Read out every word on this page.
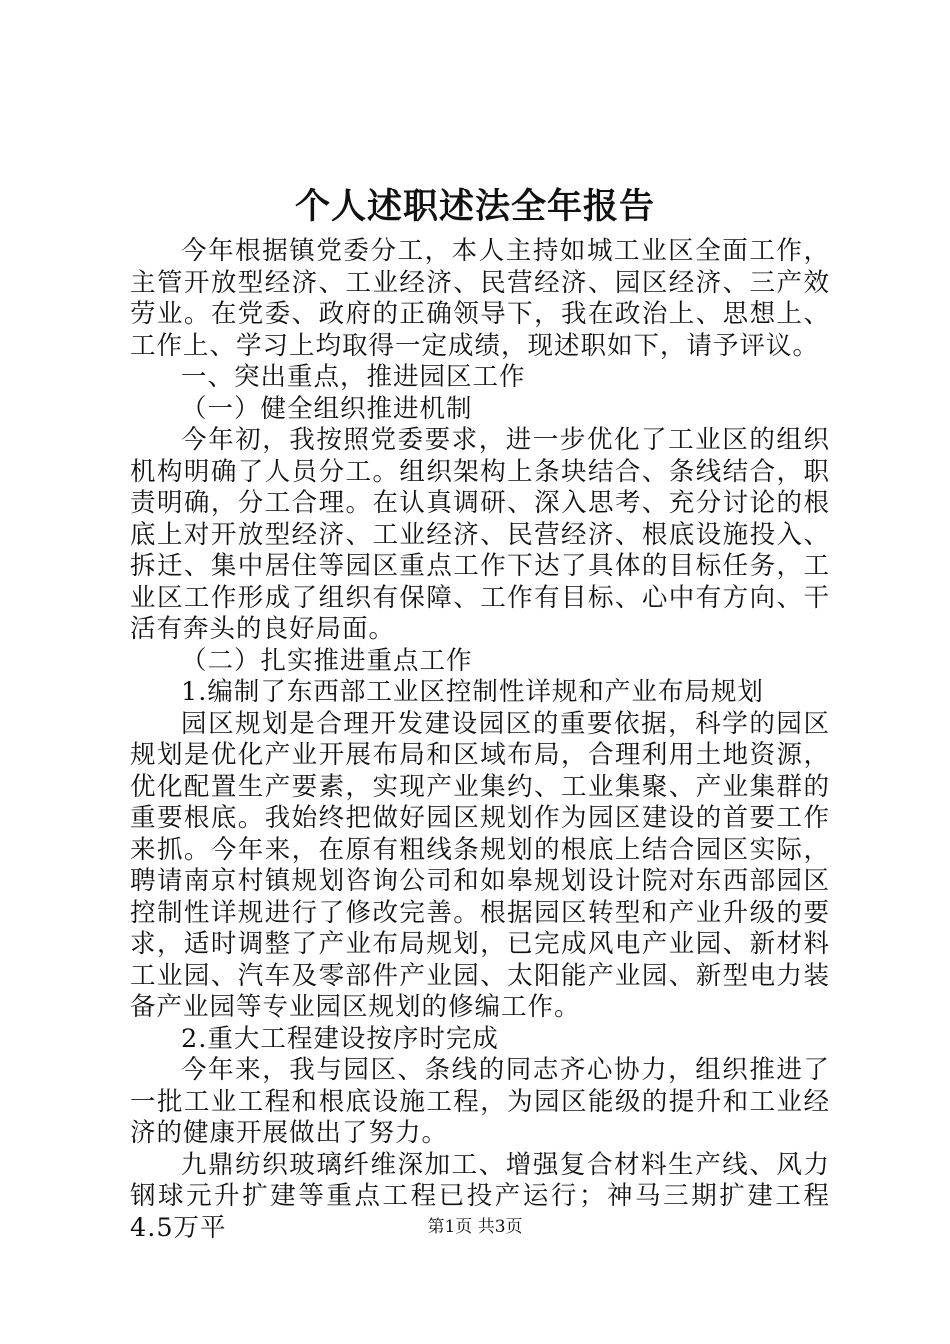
个人述职述法全年报告

今年根据镇党委分工，本人主持如城工业区全面工作，主管开放型经济、工业经济、民营经济、园区经济、三产效劳业。在党委、政府的正确领导下，我在政治上、思想上、工作上、学习上均取得一定成绩，现述职如下，请予评议。

一、突出重点，推进园区工作

（一）健全组织推进机制

今年初，我按照党委要求，进一步优化了工业区的组织机构明确了人员分工。组织架构上条块结合、条线结合，职责明确，分工合理。在认真调研、深入思考、充分讨论的根底上对开放型经济、工业经济、民营经济、根底设施投入、拆迁、集中居住等园区重点工作下达了具体的目标任务，工业区工作形成了组织有保障、工作有目标、心中有方向、干活有奔头的良好局面。

（二）扎实推进重点工作

1.编制了东西部工业区控制性详规和产业布局规划

园区规划是合理开发建设园区的重要依据，科学的园区规划是优化产业开展布局和区域布局，合理利用土地资源，优化配置生产要素，实现产业集约、工业集聚、产业集群的重要根底。我始终把做好园区规划作为园区建设的首要工作来抓。今年来，在原有粗线条规划的根底上结合园区实际，聘请南京村镇规划咨询公司和如皋规划设计院对东西部园区控制性详规进行了修改完善。根据园区转型和产业升级的要求，适时调整了产业布局规划，已完成风电产业园、新材料工业园、汽车及零部件产业园、太阳能产业园、新型电力装备产业园等专业园区规划的修编工作。

2.重大工程建设按序时完成

今年来，我与园区、条线的同志齐心协力，组织推进了一批工业工程和根底设施工程，为园区能级的提升和工业经济的健康开展做出了努力。

九鼎纺织玻璃纤维深加工、增强复合材料生产线、风力钢球元升扩建等重点工程已投产运行；神马三期扩建工程4.5万平	第1页 共3页
